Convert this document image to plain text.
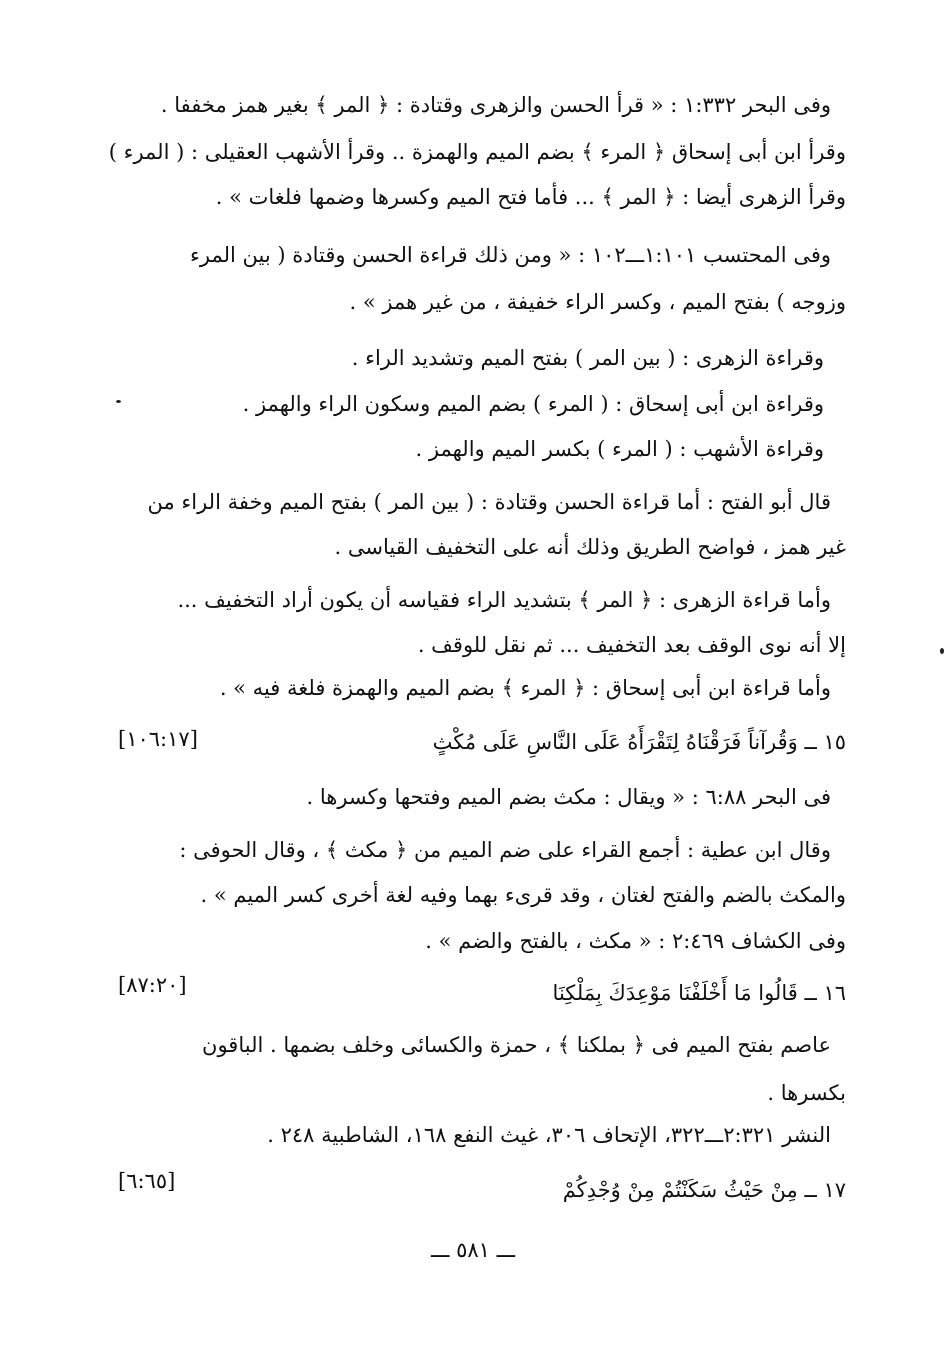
وفى البحر ١:٣٣٢ : « قرأ الحسن والزهرى وقتادة : ﴿ المر ﴾ بغير همز مخففا .
وقرأ ابن أبى إسحاق ﴿ المرء ﴾ بضم الميم والهمزة .. وقرأ الأشهب العقيلى : ( المرء )
وقرأ الزهرى أيضا : ﴿ المر ﴾ ... فأما فتح الميم وكسرها وضمها فلغات » .
وفى المحتسب ١:١٠١ـــ١٠٢ : « ومن ذلك قراءة الحسن وقتادة ( بين المرء
وزوجه ) بفتح الميم ، وكسر الراء خفيفة ، من غير همز » .
وقراءة الزهرى : ( بين المر ) بفتح الميم وتشديد الراء .
وقراءة ابن أبى إسحاق : ( المرء ) بضم الميم وسكون الراء والهمز .
وقراءة الأشهب : ( المرء ) بكسر الميم والهمز .
قال أبو الفتح : أما قراءة الحسن وقتادة : ( بين المر ) بفتح الميم وخفة الراء من
غير همز ، فواضح الطريق وذلك أنه على التخفيف القياسى .
وأما قراءة الزهرى : ﴿ المر ﴾ بتشديد الراء فقياسه أن يكون أراد التخفيف ...
إلا أنه نوى الوقف بعد التخفيف ... ثم نقل للوقف .
وأما قراءة ابن أبى إسحاق : ﴿ المرء ﴾ بضم الميم والهمزة فلغة فيه » .
١٥ ــ وَقُرآناً فَرَقْنَاهُ لِتَقْرَأَهُ عَلَى النَّاسِ عَلَى مُكْثٍ
[١٠٦:١٧]
فى البحر ٦:٨٨ : « ويقال : مكث بضم الميم وفتحها وكسرها .
وقال ابن عطية : أجمع القراء على ضم الميم من ﴿ مكث ﴾ ، وقال الحوفى :
والمكث بالضم والفتح لغتان ، وقد قرىء بهما وفيه لغة أخرى كسر الميم » .
وفى الكشاف ٢:٤٦٩ : « مكث ، بالفتح والضم » .
١٦ ــ قَالُوا مَا أَخْلَفْنَا مَوْعِدَكَ بِمَلْكِنَا
[٨٧:٢٠]
عاصم بفتح الميم فى ﴿ بملكنا ﴾ ، حمزة والكسائى وخلف بضمها . الباقون
بكسرها .
النشر ٢:٣٢١ـــ٣٢٢، الإتحاف ٣٠٦، غيث النفع ١٦٨، الشاطبية ٢٤٨ .
١٧ ــ مِنْ حَيْثُ سَكَنْتُمْ مِنْ وُجْدِكُمْ
[٦:٦٥]
ـــ ٥٨١ ـــ
